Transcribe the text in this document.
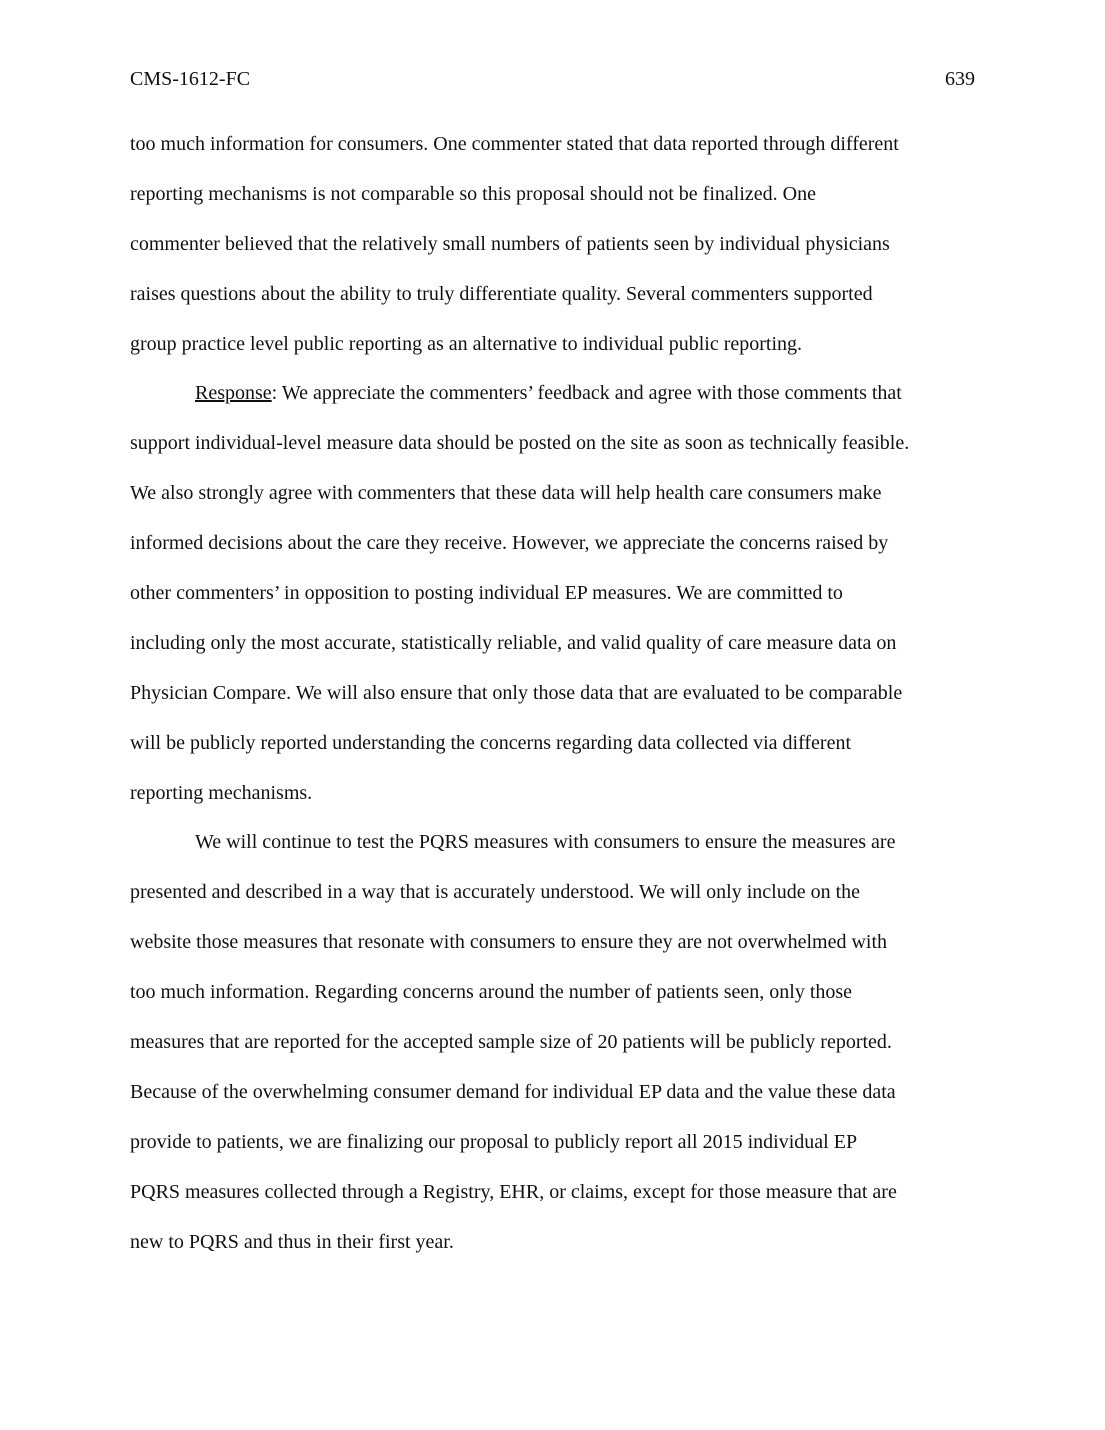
CMS-1612-FC	639
too much information for consumers. One commenter stated that data reported through different
reporting mechanisms is not comparable so this proposal should not be finalized. One
commenter believed that the relatively small numbers of patients seen by individual physicians
raises questions about the ability to truly differentiate quality. Several commenters supported
group practice level public reporting as an alternative to individual public reporting.
Response: We appreciate the commenters’ feedback and agree with those comments that
support individual-level measure data should be posted on the site as soon as technically feasible.
We also strongly agree with commenters that these data will help health care consumers make
informed decisions about the care they receive. However, we appreciate the concerns raised by
other commenters’ in opposition to posting individual EP measures. We are committed to
including only the most accurate, statistically reliable, and valid quality of care measure data on
Physician Compare. We will also ensure that only those data that are evaluated to be comparable
will be publicly reported understanding the concerns regarding data collected via different
reporting mechanisms.
We will continue to test the PQRS measures with consumers to ensure the measures are
presented and described in a way that is accurately understood. We will only include on the
website those measures that resonate with consumers to ensure they are not overwhelmed with
too much information. Regarding concerns around the number of patients seen, only those
measures that are reported for the accepted sample size of 20 patients will be publicly reported.
Because of the overwhelming consumer demand for individual EP data and the value these data
provide to patients, we are finalizing our proposal to publicly report all 2015 individual EP
PQRS measures collected through a Registry, EHR, or claims, except for those measure that are
new to PQRS and thus in their first year.
